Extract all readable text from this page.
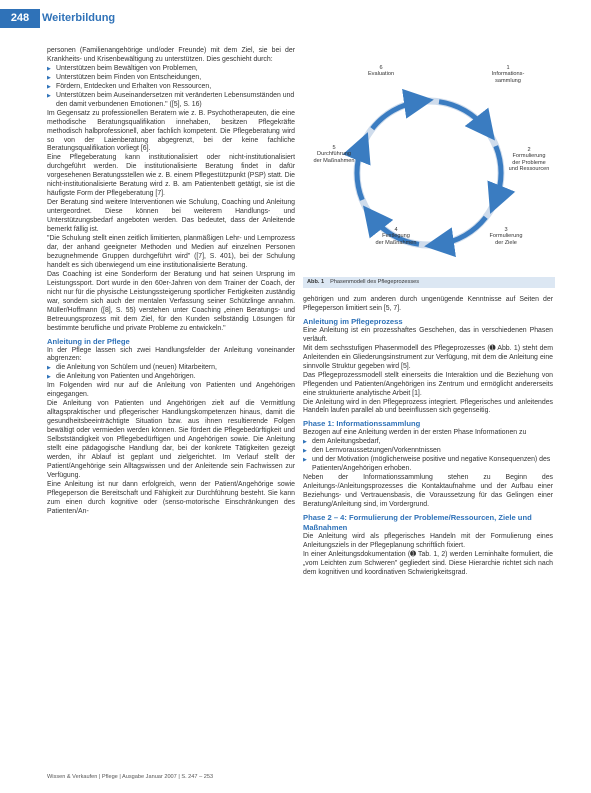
248	Weiterbildung

personen (Familienangehörige und/oder Freunde) mit dem Ziel, sie bei der Krankheits- und Krisenbewältigung zu unterstützen. Dies geschieht durch:

▶ Unterstützen beim Bewältigen von Problemen,
▶ Unterstützen beim Finden von Entscheidungen,
▶ Fördern, Entdecken und Erhalten von Ressourcen,
▶ Unterstützen beim Auseinandersetzen mit veränderten Lebensumständen und den damit verbundenen Emotionen." ([5], S. 16)

Im Gegensatz zu professionellen Beratern wie z. B. Psychotherapeuten, die eine methodische Beratungsqualifikation innehaben, besitzen Pflegekräfte methodisch halbprofessionell, aber fachlich kompetent. Die Pflegeberatung wird so von der Laienberatung abgegrenzt, bei der keine fachliche Beratungsqualifikation vorliegt [6].

Eine Pflegeberatung kann institutionalisiert oder nicht-institutionalisiert durchgeführt werden. Die institutionalisierte Beratung findet in dafür vorgesehenen Beratungsstellen wie z. B. einem Pflegestützpunkt (PSP) statt. Die nicht-institutionalisierte Beratung wird z. B. am Patientenbett getätigt, sie ist die häufigste Form der Pflegeberatung [7].

Der Beratung sind weitere Interventionen wie Schulung, Coaching und Anleitung untergeordnet. Diese können bei weiterem Handlungs- und Unterstützungsbedarf angeboten werden. Das bedeutet, dass der Anleitende bemerkt fällig ist.

"Die Schulung stellt einen zeitlich limitierten, planmäßigen Lehr- und Lernprozess dar, der anhand geeigneter Methoden und Medien auf einzelnen Personen bezugnehmende Gruppen durchgeführt wird" ([7], S. 401), bei der Schulung handelt es sich überwiegend um eine institutionalisierte Beratung.

Das Coaching ist eine Sonderform der Beratung und hat seinen Ursprung im Leistungssport. Dort wurde in den 60er-Jahren von dem Trainer der Coach, der nicht nur für die physische Leistungssteigerung sportlicher Fertigkeiten zuständig war, sondern sich auch der mentalen Verfassung seiner Schützlinge annahm. Müller/Hoffmann ([8], S. 55) verstehen unter Coaching „einen Beratungs- und Betreuungsprozess mit dem Ziel, für den Kunden selbständig Lösungen für bestimmte berufliche und private Probleme zu entwickeln."

Anleitung in der Pflege

In der Pflege lassen sich zwei Handlungsfelder der Anleitung voneinander abgrenzen:

▶ die Anleitung von Schülern und (neuen) Mitarbeitern,
▶ die Anleitung von Patienten und Angehörigen.

Im Folgenden wird nur auf die Anleitung von Patienten und Angehörigen eingegangen.

Die Anleitung von Patienten und Angehörigen zielt auf die Vermittlung alltagspraktischer und pflegerischer Handlungskompetenzen hinaus, damit die gesundheitsbeeinträchtigte Situation bzw. aus ihnen resultierende Folgen bewältigt oder vermieden werden können. Sie fördert die Pflegebedürftigkeit und Selbstständigkeit von Pflegebedürftigen und Angehörigen sowie. Die Anleitung stellt eine pädagogische Handlung dar, bei der konkrete Tätigkeiten gezeigt werden, ihr Ablauf ist geplant und zielgerichtet. Im Verlauf stellt der Patient/Angehörige sein Alltagswissen und der Anleitende sein Fachwissen zur Verfügung.

Eine Anleitung ist nur dann erfolgreich, wenn der Patient/Angehörige sowie Pflegeperson die Bereitschaft und Fähigkeit zur Durchführung besteht. Sie kann zum einen durch kognitive oder (senso-motorische Einschränkungen des Patienten/An-

1
Informations-
sammlung
2
Formulierung
der Probleme
und Ressourcen
3
Formulierung
der Ziele
4
Festlegung
der Maßnahmen
5
Durchführung
der Maßnahmen
6
Evaluation
Abb. 1 Phasenmodell des Pflegeprozesses

gehörigen und zum anderen durch ungenügende Kenntnisse auf Seiten der Pflegeperson limitiert sein [5, 7].

Anleitung im Pflegeprozess

Eine Anleitung ist ein prozesshaftes Geschehen, das in verschiedenen Phasen verläuft.

Mit dem sechsstufigen Phasenmodell des Pflegeprozesses (➊ Abb. 1) steht dem Anleitenden ein Gliederungsinstrument zur Verfügung, mit dem die Anleitung eine sinnvolle Struktur gegeben wird [5].

Das Pflegeprozessmodell stellt einerseits die Interaktion und die Beziehung von Pflegenden und Patienten/Angehörigen ins Zentrum und ermöglicht andererseits eine strukturierte analytische Arbeit [1].

Die Anleitung wird in den Pflegeprozess integriert. Pflegerisches und anleitendes Handeln laufen parallel ab und beeinflussen sich gegenseitig.

Phase 1: Informationssammlung

Bezogen auf eine Anleitung werden in der ersten Phase Informationen zu

▶ dem Anleitungsbedarf,
▶ den Lernvoraussetzungen/Vorkenntnissen
▶ und der Motivation (möglicherweise positive und negative Konsequenzen) des Patienten/Angehörigen erhoben.

Neben der Informationssammlung stehen zu Beginn des Anleitungs-/Anleitungsprozesses die Kontaktaufnahme und der Aufbau einer Beziehungs- und Vertrauensbasis, die Voraussetzung für das Gelingen einer Beratung/Anleitung sind, im Vordergrund.

Phase 2 – 4: Formulierung der Probleme/Ressourcen, Ziele und Maßnahmen

Die Anleitung wird als pflegerisches Handeln mit der Formulierung eines Anleitungsziels in der Pflegeplanung schriftlich fixiert.

In einer Anleitungsdokumentation (➊ Tab. 1, 2) werden Lerninhalte formuliert, die „vom Leichten zum Schweren" gegliedert sind. Diese Hierarchie richtet sich nach dem kognitiven und koordinativen Schwierigkeitsgrad.

Wissen & Verkaufen | Pflege | Ausgabe Januar 2007 | S. 247 – 253
